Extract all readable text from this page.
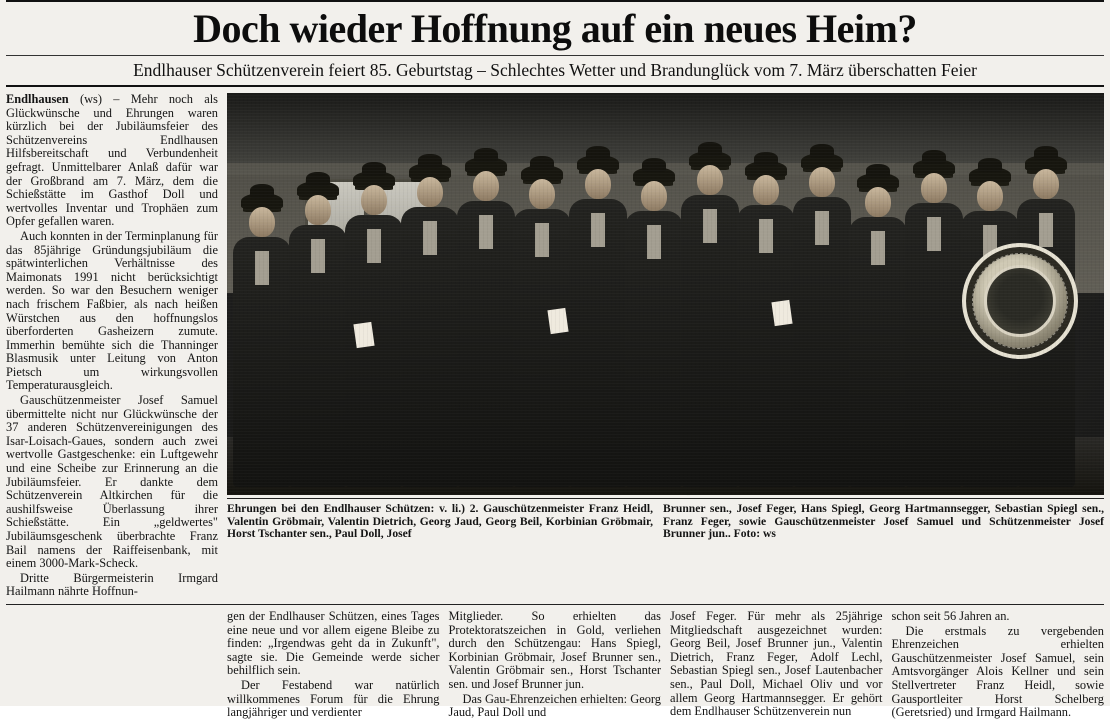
Doch wieder Hoffnung auf ein neues Heim?
Endlhauser Schützenverein feiert 85. Geburtstag – Schlechtes Wetter und Brandunglück vom 7. März überschatten Feier

Endlhausen (ws) – Mehr noch als Glückwünsche und Ehrungen waren kürzlich bei der Jubiläumsfeier des Schützenvereins Endlhausen Hilfsbereitschaft und Verbundenheit gefragt. Unmittelbarer Anlaß dafür war der Großbrand am 7. März, dem die Schießstätte im Gasthof Doll und wertvolles Inventar und Trophäen zum Opfer gefallen waren.

Auch konnten in der Terminplanung für das 85jährige Gründungsjubiläum die spätwinterlichen Verhältnisse des Maimonats 1991 nicht berücksichtigt werden. So war den Besuchern weniger nach frischem Faßbier, als nach heißen Würstchen aus den hoffnungslos überforderten Gasheizern zumute. Immerhin bemühte sich die Thanninger Blasmusik unter Leitung von Anton Pietsch um wirkungsvollen Temperaturausgleich.

Gauschützenmeister Josef Samuel übermittelte nicht nur Glückwünsche der 37 anderen Schützenvereinigungen des Isar-Loisach-Gaues, sondern auch zwei wertvolle Gastgeschenke: ein Luftgewehr und eine Scheibe zur Erinnerung an die Jubiläumsfeier. Er dankte dem Schützenverein Altkirchen für die aushilfsweise Überlassung ihrer Schießstätte. Ein „geldwertes" Jubiläumsgeschenk überbrachte Franz Bail namens der Raiffeisenbank, mit einem 3000-Mark-Scheck.

Dritte Bürgermeisterin Irmgard Hailmann nährte Hoffnun-

Ehrungen bei den Endlhauser Schützen: v. li.) 2. Gauschützenmeister Franz Heidl, Valentin Gröbmair, Valentin Dietrich, Georg Jaud, Georg Beil, Korbinian Gröbmair, Horst Tschanter sen., Paul Doll, Josef
Brunner sen., Josef Feger, Hans Spiegl, Georg Hartmannsegger, Sebastian Spiegl sen., Franz Feger, sowie Gauschützenmeister Josef Samuel und Schützenmeister Josef Brunner jun.. Foto: ws

gen der Endlhauser Schützen, eines Tages eine neue und vor allem eigene Bleibe zu finden: „Irgendwas geht da in Zukunft", sagte sie. Die Gemeinde werde sicher behilflich sein.

Der Festabend war natürlich willkommenes Forum für die Ehrung langjähriger und verdienter

Mitglieder. So erhielten das Protektoratszeichen in Gold, verliehen durch den Schützengau: Hans Spiegl, Korbinian Gröbmair, Josef Brunner sen., Valentin Gröbmair sen., Horst Tschanter sen. und Josef Brunner jun.

Das Gau-Ehrenzeichen erhielten: Georg Jaud, Paul Doll und

Josef Feger. Für mehr als 25jährige Mitgliedschaft ausgezeichnet wurden: Georg Beil, Josef Brunner jun., Valentin Dietrich, Franz Feger, Adolf Lechl, Sebastian Spiegl sen., Josef Lautenbacher sen., Paul Doll, Michael Oliv und vor allem Georg Hartmannsegger. Er gehört dem Endlhauser Schützenverein nun

schon seit 56 Jahren an.

Die erstmals zu vergebenden Ehrenzeichen erhielten Gauschützenmeister Josef Samuel, sein Amtsvorgänger Alois Kellner und sein Stellvertreter Franz Heidl, sowie Gausportleiter Horst Schelberg (Geretsried) und Irmgard Hailmann.
